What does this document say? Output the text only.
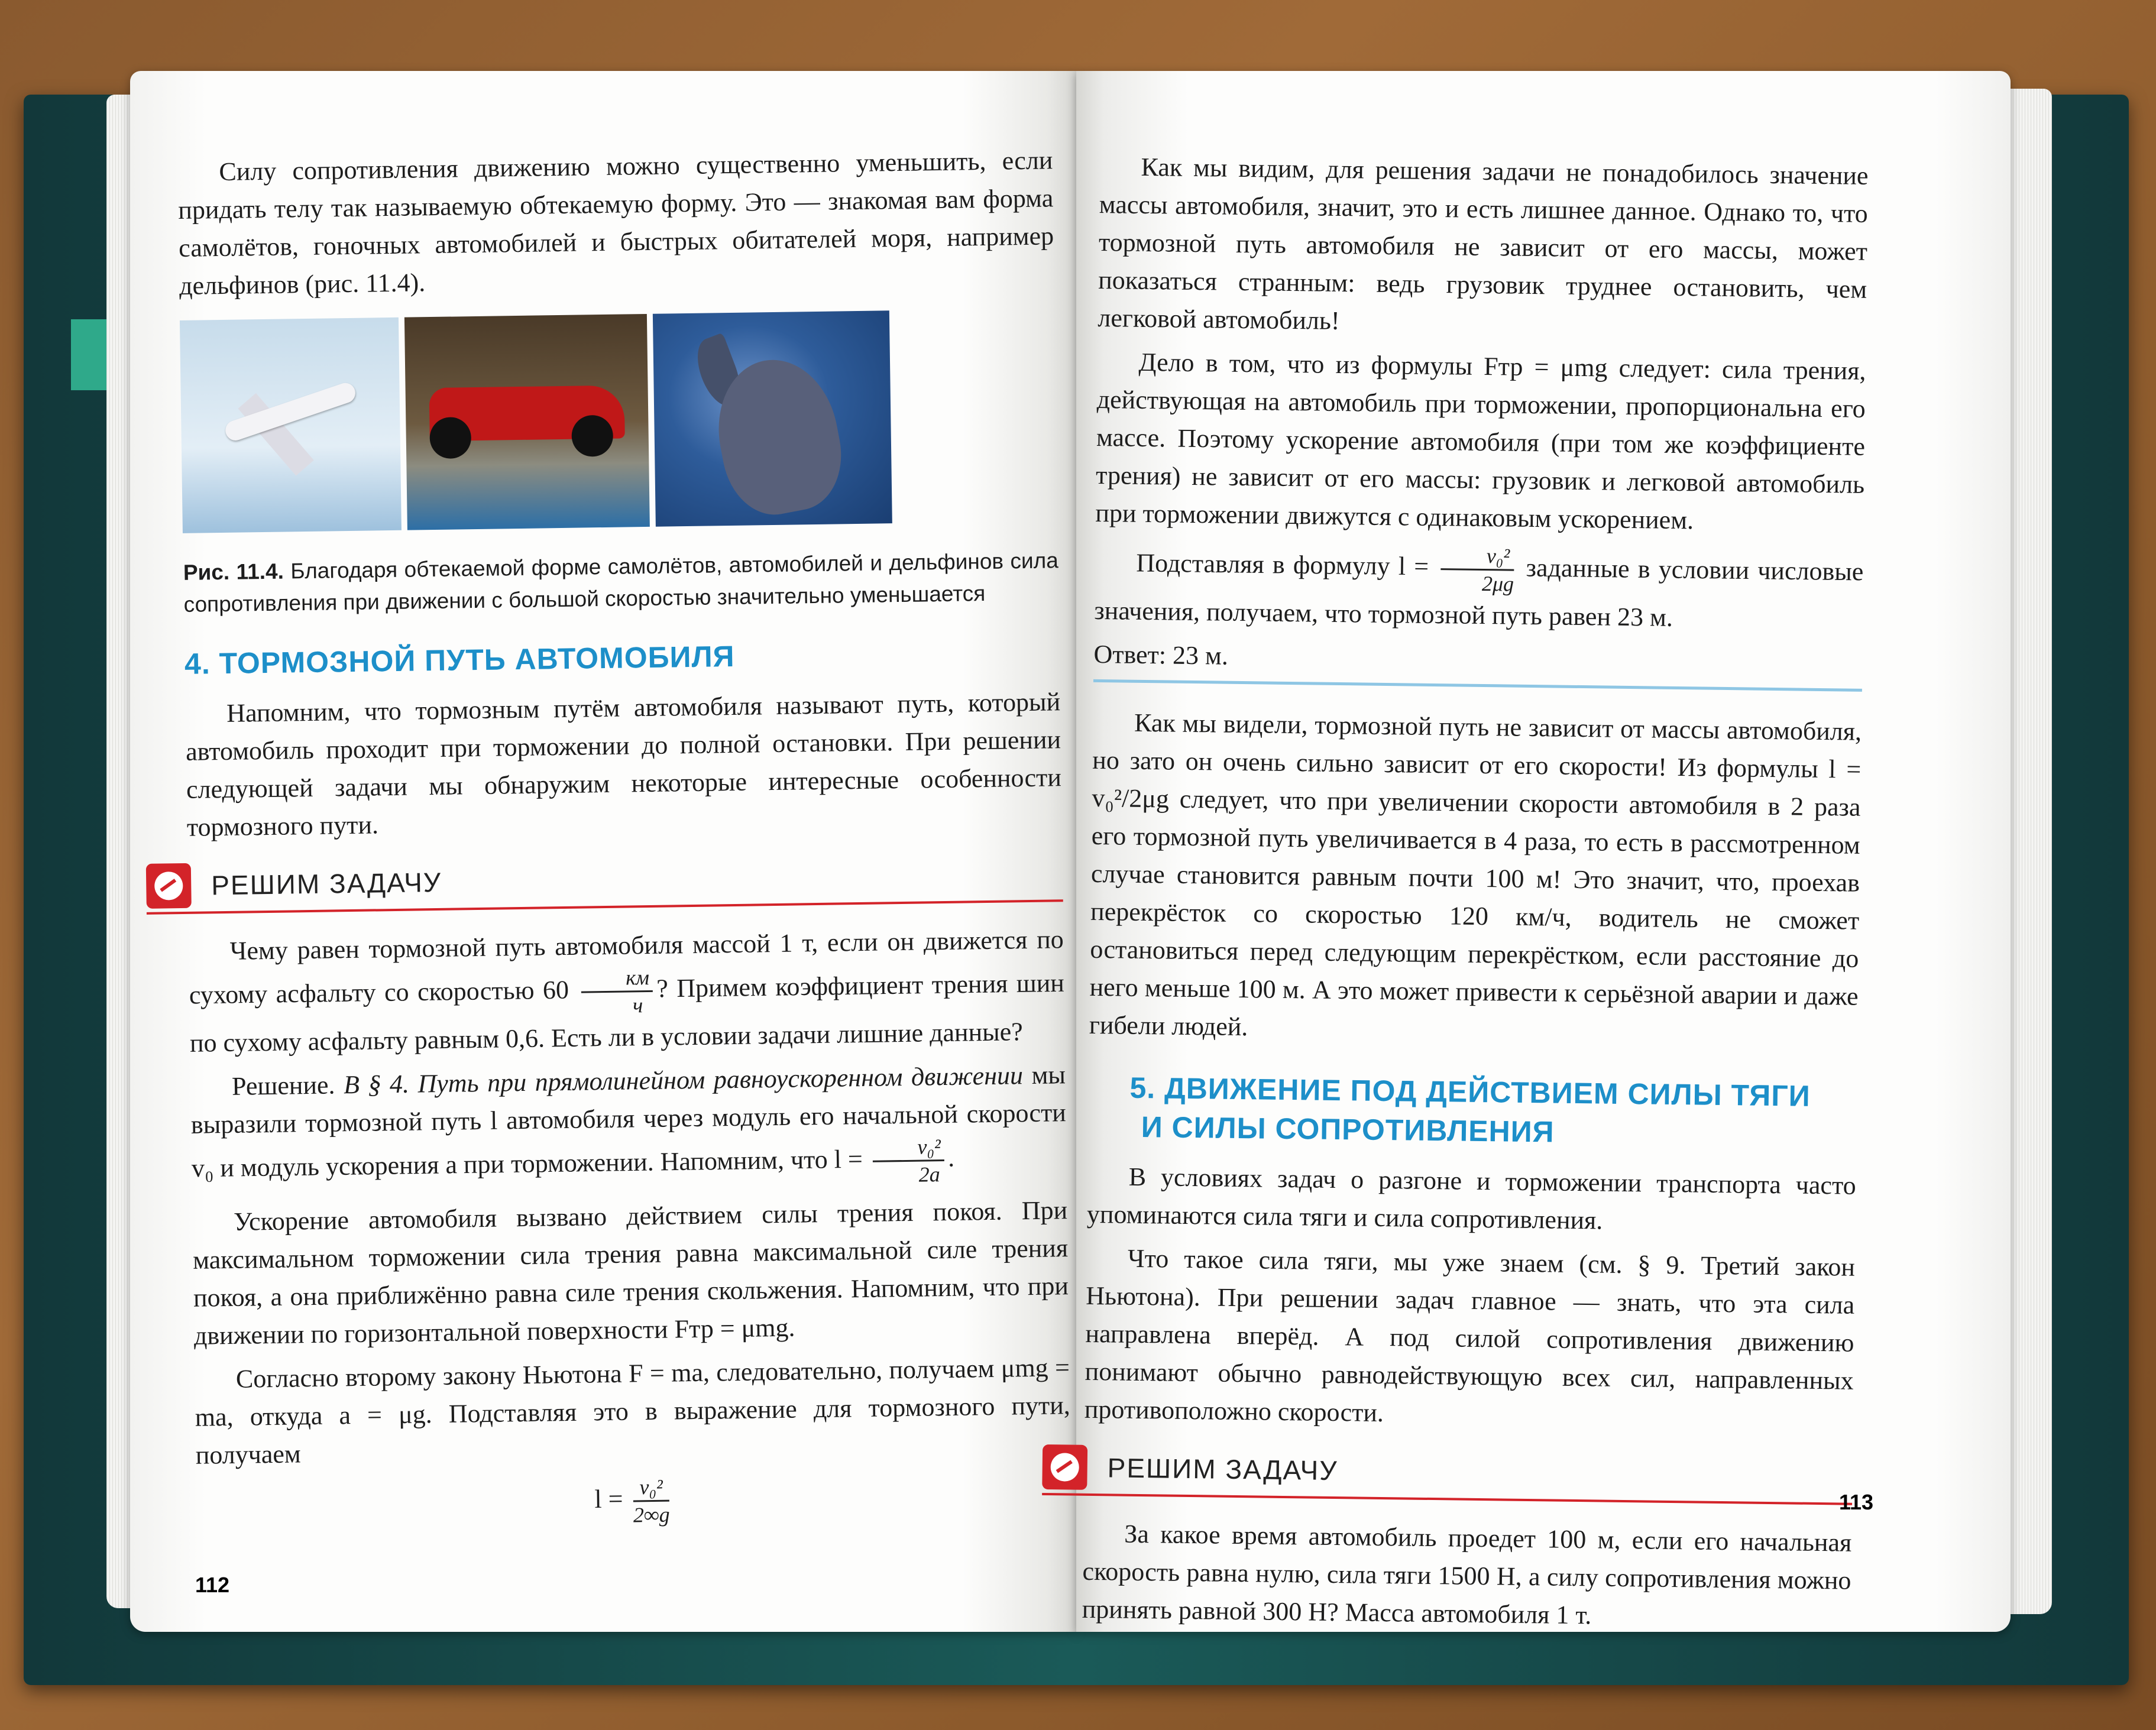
Силу сопротивления движению можно существенно уменьшить, если придать телу так называемую обтекаемую форму. Это — знакомая вам форма самолётов, гоночных автомобилей и быстрых обитателей моря, например дельфинов (рис. 11.4).

Рис. 11.4. Благодаря обтекаемой форме самолётов, автомобилей и дельфинов сила сопротивления при движении с большой скоростью значительно уменьшается

4. ТОРМОЗНОЙ ПУТЬ АВТОМОБИЛЯ

Напомним, что тормозным путём автомобиля называют путь, который автомобиль проходит при торможении до полной остановки. При решении следующей задачи мы обнаружим некоторые интересные особенности тормозного пути.

РЕШИМ ЗАДАЧУ

Чему равен тормозной путь автомобиля массой 1 т, если он движется по сухому асфальту со скоростью $60 \frac{км}{ч}$ ? Примем коэффициент трения шин по сухому асфальту равным 0,6. Есть ли в условии задачи лишние данные?

Решение. В § 4. Путь при прямолинейном равноускоренном движении мы выразили тормозной путь l автомобиля через модуль его начальной скорости v₀ и модуль ускорения a при торможении. Напомним, что $l = \frac{\text{v₀²}}{2a}$ .

Ускорение автомобиля вызвано действием силы трения покоя. При максимальном торможении сила трения равна максимальной силе трения покоя, а она приближённо равна силе трения скольжения. Напомним, что при движении по горизонтальной поверхности Fтр = μmg.

Согласно второму закону Ньютона F = ma, следовательно, получаем μmg = ma, откуда a = μg. Подставляя это в выражение для тормозного пути, получаем

$l = \frac{\text{v₀²}}{2\infty g}$

112

Как мы видим, для решения задачи не понадобилось значение массы автомобиля, значит, это и есть лишнее данное. Однако то, что тормозной путь автомобиля не зависит от его массы, может показаться странным: ведь грузовик труднее остановить, чем легковой автомобиль!

Дело в том, что из формулы Fтр = μmg следует: сила трения, действующая на автомобиль при торможении, пропорциональна его массе. Поэтому ускорение автомобиля (при том же коэффициенте трения) не зависит от его массы: грузовик и легковой автомобиль при торможении движутся с одинаковым ускорением.

Подставляя в формулу $l = \frac{\text{v₀²}}{2\mu g}$ заданные в условии числовые значения, получаем, что тормозной путь равен 23 м.

Ответ: 23 м.

Как мы видели, тормозной путь не зависит от массы автомобиля, но зато он очень сильно зависит от его скорости! Из формулы l = v₀²/2μg следует, что при увеличении скорости автомобиля в 2 раза его тормозной путь увеличивается в 4 раза, то есть в рассмотренном случае становится равным почти 100 м! Это значит, что, проехав перекрёсток со скоростью 120 км/ч, водитель не сможет остановиться перед следующим перекрёстком, если расстояние до него меньше 100 м. А это может привести к серьёзной аварии и даже гибели людей.

5. ДВИЖЕНИЕ ПОД ДЕЙСТВИЕМ СИЛЫ ТЯГИ
И СИЛЫ СОПРОТИВЛЕНИЯ

В условиях задач о разгоне и торможении транспорта часто упоминаются сила тяги и сила сопротивления.

Что такое сила тяги, мы уже знаем (см. § 9. Третий закон Ньютона). При решении задач главное — знать, что эта сила направлена вперёд. А под силой сопротивления движению понимают обычно равнодействующую всех сил, направленных противоположно скорости.

РЕШИМ ЗАДАЧУ

За какое время автомобиль проедет 100 м, если его начальная скорость равна нулю, сила тяги 1500 Н, а силу сопротивления можно принять равной 300 Н? Масса автомобиля 1 т.

113
